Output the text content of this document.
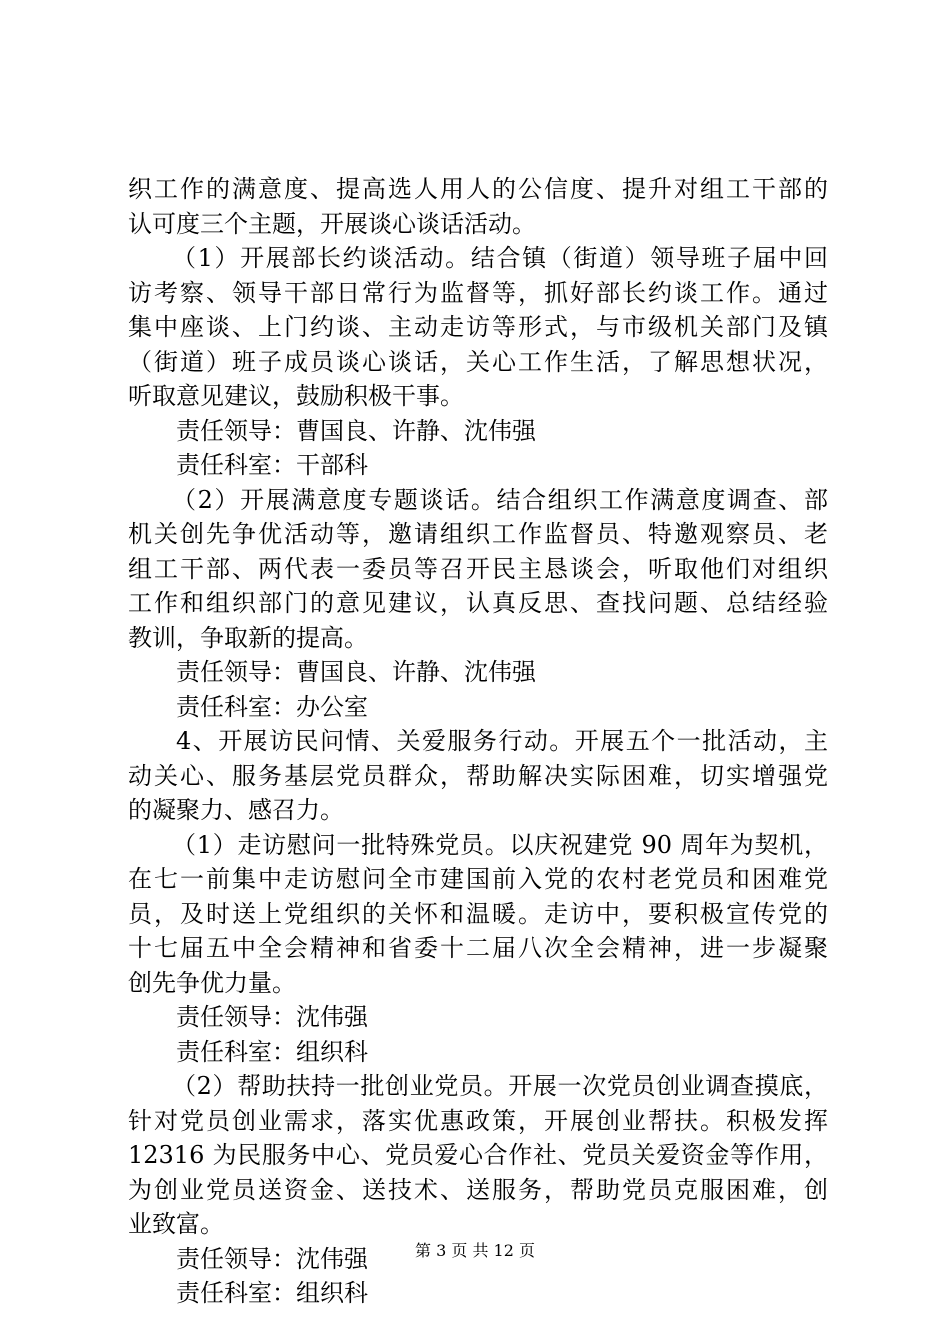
织工作的满意度、提高选人用人的公信度、提升对组工干部的
认可度三个主题，开展谈心谈话活动。
（1）开展部长约谈活动。结合镇（街道）领导班子届中回
访考察、领导干部日常行为监督等，抓好部长约谈工作。通过
集中座谈、上门约谈、主动走访等形式，与市级机关部门及镇
（街道）班子成员谈心谈话，关心工作生活，了解思想状况，
听取意见建议，鼓励积极干事。
责任领导：曹国良、许静、沈伟强
责任科室：干部科
（2）开展满意度专题谈话。结合组织工作满意度调查、部
机关创先争优活动等，邀请组织工作监督员、特邀观察员、老
组工干部、两代表一委员等召开民主恳谈会，听取他们对组织
工作和组织部门的意见建议，认真反思、查找问题、总结经验
教训，争取新的提高。
责任领导：曹国良、许静、沈伟强
责任科室：办公室
4、开展访民问情、关爱服务行动。开展五个一批活动，主
动关心、服务基层党员群众，帮助解决实际困难，切实增强党
的凝聚力、感召力。
（1）走访慰问一批特殊党员。以庆祝建党 90 周年为契机，
在七一前集中走访慰问全市建国前入党的农村老党员和困难党
员，及时送上党组织的关怀和温暖。走访中，要积极宣传党的
十七届五中全会精神和省委十二届八次全会精神，进一步凝聚
创先争优力量。
责任领导：沈伟强
责任科室：组织科
（2）帮助扶持一批创业党员。开展一次党员创业调查摸底，
针对党员创业需求，落实优惠政策，开展创业帮扶。积极发挥
12316 为民服务中心、党员爱心合作社、党员关爱资金等作用，
为创业党员送资金、送技术、送服务，帮助党员克服困难，创
业致富。
责任领导：沈伟强
责任科室：组织科
第 3 页 共 12 页
